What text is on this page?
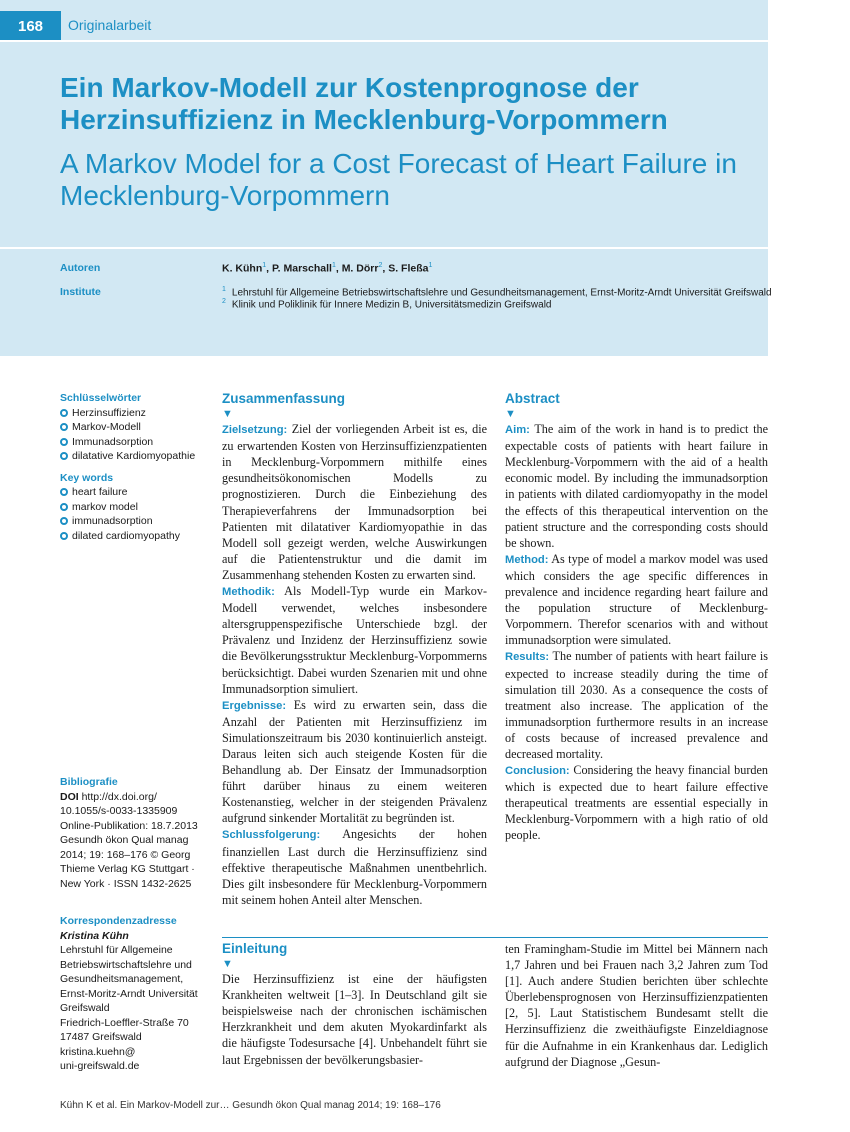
168	Originalarbeit
Ein Markov-Modell zur Kostenprognose der Herzinsuffizienz in Mecklenburg-Vorpommern
A Markov Model for a Cost Forecast of Heart Failure in Mecklenburg-Vorpommern
Autoren	K. Kühn$^1$, P. Marschall$^1$, M. Dörr$^2$, S. Fleßa$^1$
Institute	$^1$ Lehrstuhl für Allgemeine Betriebswirtschaftslehre und Gesundheitsmanagement, Ernst-Moritz-Arndt Universität Greifswald
$^2$ Klinik und Poliklinik für Innere Medizin B, Universitätsmedizin Greifswald
Schlüsselwörter
Herzinsuffizienz
Markov-Modell
Immunadsorption
dilatative Kardiomyopathie
Key words
heart failure
markov model
immunadsorption
dilated cardiomyopathy
Bibliografie
DOI http://dx.doi.org/
10.1055/s-0033-1335909
Online-Publikation: 18.7.2013
Gesundh ökon Qual manag
2014; 19: 168–176 © Georg
Thieme Verlag KG Stuttgart ·
New York · ISSN 1432-2625
Korrespondenzadresse
Kristina Kühn
Lehrstuhl für Allgemeine
Betriebswirtschaftslehre und
Gesundheitsmanagement,
Ernst-Moritz-Arndt Universität
Greifswald
Friedrich-Loeffler-Straße 70
17487 Greifswald
kristina.kuehn@
uni-greifswald.de
Zusammenfassung
▼

Zielsetzung: Ziel der vorliegenden Arbeit ist es, die zu erwartenden Kosten von Herzinsuffizienzpatienten in Mecklenburg-Vorpommern mithilfe eines gesundheitsökonomischen Modells zu prognostizieren. Durch die Einbeziehung des Therapieverfahrens der Immunadsorption bei Patienten mit dilatativer Kardiomyopathie in das Modell soll gezeigt werden, welche Auswirkungen auf die Patientenstruktur und die damit im Zusammenhang stehenden Kosten zu erwarten sind.

Methodik: Als Modell-Typ wurde ein Markov-Modell verwendet, welches insbesondere altersgruppenspezifische Unterschiede bzgl. der Prävalenz und Inzidenz der Herzinsuffizienz sowie die Bevölkerungsstruktur Mecklenburg-Vorpommerns berücksichtigt. Dabei wurden Szenarien mit und ohne Immunadsorption simuliert.

Ergebnisse: Es wird zu erwarten sein, dass die Anzahl der Patienten mit Herzinsuffizienz im Simulationszeitraum bis 2030 kontinuierlich ansteigt. Daraus leiten sich auch steigende Kosten für die Behandlung ab. Der Einsatz der Immunadsorption führt darüber hinaus zu einem weiteren Kostenanstieg, welcher in der steigenden Prävalenz aufgrund sinkender Mortalität zu begründen ist.

Schlussfolgerung: Angesichts der hohen finanziellen Last durch die Herzinsuffizienz sind effektive therapeutische Maßnahmen unentbehrlich. Dies gilt insbesondere für Mecklenburg-Vorpommern mit seinem hohen Anteil alter Menschen.

Abstract
▼

Aim: The aim of the work in hand is to predict the expectable costs of patients with heart failure in Mecklenburg-Vorpommern with the aid of a health economic model. By including the immunadsorption in patients with dilated cardiomyopathy in the model the effects of this therapeutical intervention on the patient structure and the corresponding costs should be shown.

Method: As type of model a markov model was used which considers the age specific differences in prevalence and incidence regarding heart failure and the population structure of Mecklenburg-Vorpommern. Therefor scenarios with and without immunadsorption were simulated.

Results: The number of patients with heart failure is expected to increase steadily during the time of simulation till 2030. As a consequence the costs of treatment also increase. The application of the immunadsorption furthermore results in an increase of costs because of increased prevalence and decreased mortality.

Conclusion: Considering the heavy financial burden which is expected due to heart failure effective therapeutical treatments are essential especially in Mecklenburg-Vorpommern with a high ratio of old people.

Einleitung
▼
Die Herzinsuffizienz ist eine der häufigsten Krankheiten weltweit [1–3]. In Deutschland gilt sie beispielsweise nach der chronischen ischämischen Herzkrankheit und dem akuten Myokardinfarkt als die häufigste Todesursache [4]. Unbehandelt führt sie laut Ergebnissen der bevölkerungsbasier-
ten Framingham-Studie im Mittel bei Männern nach 1,7 Jahren und bei Frauen nach 3,2 Jahren zum Tod [1]. Auch andere Studien berichten über schlechte Überlebensprognosen von Herzinsuffizienzpatienten [2, 5]. Laut Statistischem Bundesamt stellt die Herzinsuffizienz die zweithäufigste Einzeldiagnose für die Aufnahme in ein Krankenhaus dar. Lediglich aufgrund der Diagnose „Gesun-
Kühn K et al. Ein Markov-Modell zur… Gesundh ökon Qual manag 2014; 19: 168–176
